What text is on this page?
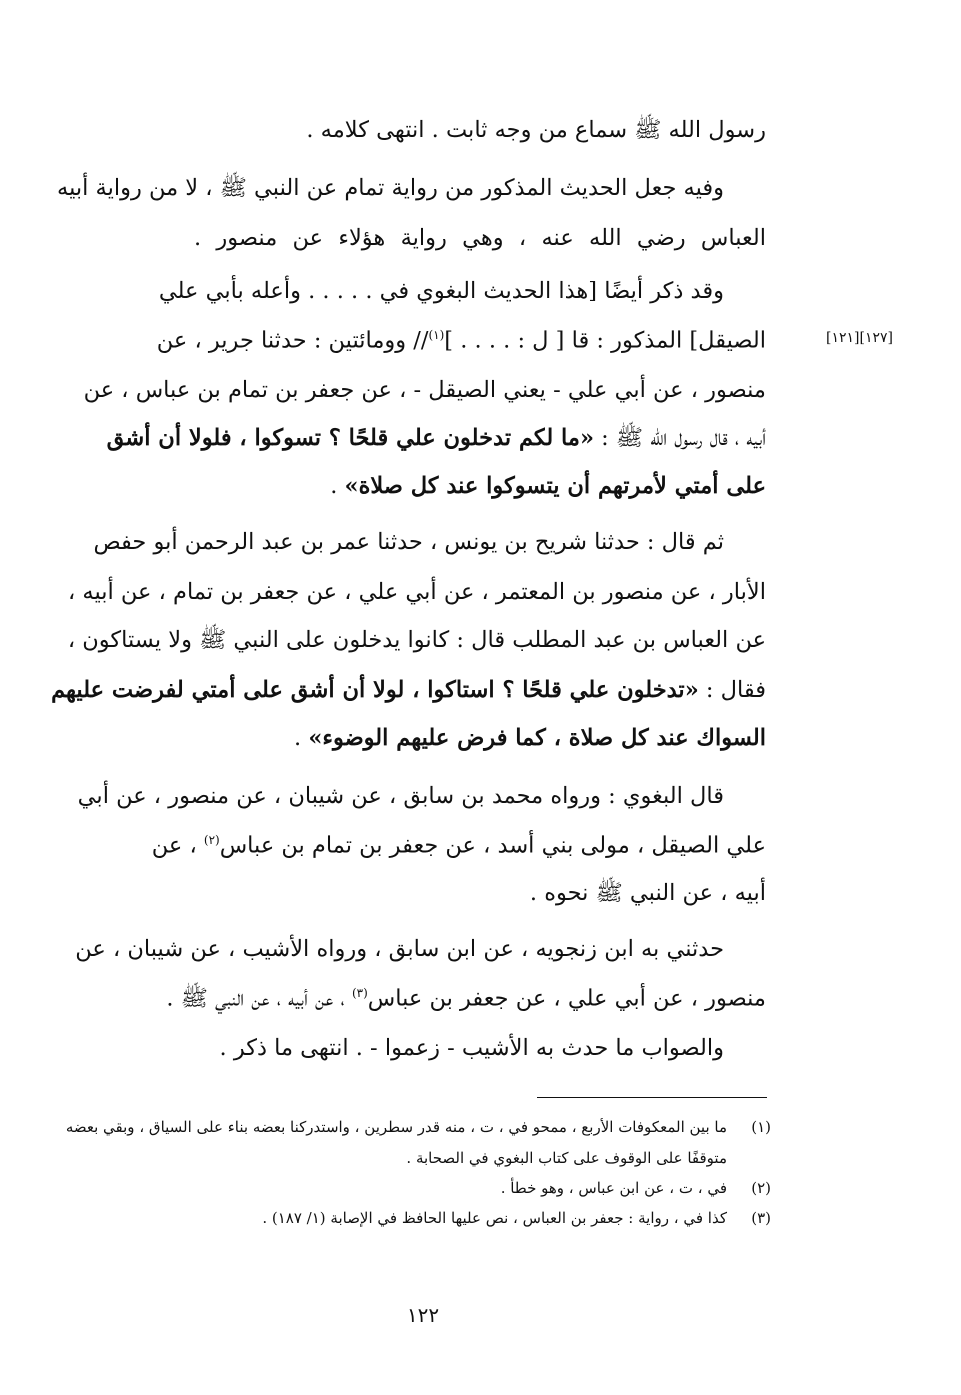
رسول الله ﷺ سماع من وجه ثابت . انتهى كلامه .
وفيه جعل الحديث المذكور من رواية تمام عن النبي ﷺ ، لا من رواية أبيه
العباس رضي الله عنه ، وهي رواية هؤلاء عن منصور .
وقد ذكر أيضًا [هذا الحديث البغوي في . . . . . وأعله بأبي علي
الصيقل] المذكور : قا [ ل : . . . . ]$^{(١)}$// وومائتين : حدثنا جرير ، عن
منصور ، عن أبي علي - يعني الصيقل - ، عن جعفر بن تمام بن عباس ، عن
أبيه ، قال رسول الله ﷺ : «ما لكم تدخلون علي قلحًا ؟ تسوكوا ، فلولا أن أشق
على أمتي لأمرتهم أن يتسوكوا عند كل صلاة» .
ثم قال : حدثنا شريح بن يونس ، حدثنا عمر بن عبد الرحمن أبو حفص
الأبار ، عن منصور بن المعتمر ، عن أبي علي ، عن جعفر بن تمام ، عن أبيه ،
عن العباس بن عبد المطلب قال : كانوا يدخلون على النبي ﷺ ولا يستاكون ،
فقال : «تدخلون علي قلحًا ؟ استاكوا ، لولا أن أشق على أمتي لفرضت عليهم
السواك عند كل صلاة ، كما فرض عليهم الوضوء» .
قال البغوي : ورواه محمد بن سابق ، عن شيبان ، عن منصور ، عن أبي
علي الصيقل ، مولى بني أسد ، عن جعفر بن تمام بن عباس$^{(٢)}$ ، عن
أبيه ، عن النبي ﷺ نحوه .
حدثني به ابن زنجويه ، عن ابن سابق ، ورواه الأشيب ، عن شيبان ، عن
منصور ، عن أبي علي ، عن جعفر بن عباس$^{(٣)}$ ، عن أبيه ، عن النبي ﷺ .
والصواب ما حدث به الأشيب - زعموا - . انتهى ما ذكر .
[١٢٧][١٢١]
(١)
ما بين المعكوفات الأربع ، ممحو في ، ت ، منه قدر سطرين ، واستدركنا بعضه بناء على السياق ، وبقي بعضه
متوقفًا على الوقوف على كتاب البغوي في الصحابة .
(٢)
في ، ت ، عن ابن عباس ، وهو خطأ .
(٣)
كذا في ، رواية : جعفر بن العباس ، نص عليها الحافظ في الإصابة (١/ ١٨٧) .
١٢٢
